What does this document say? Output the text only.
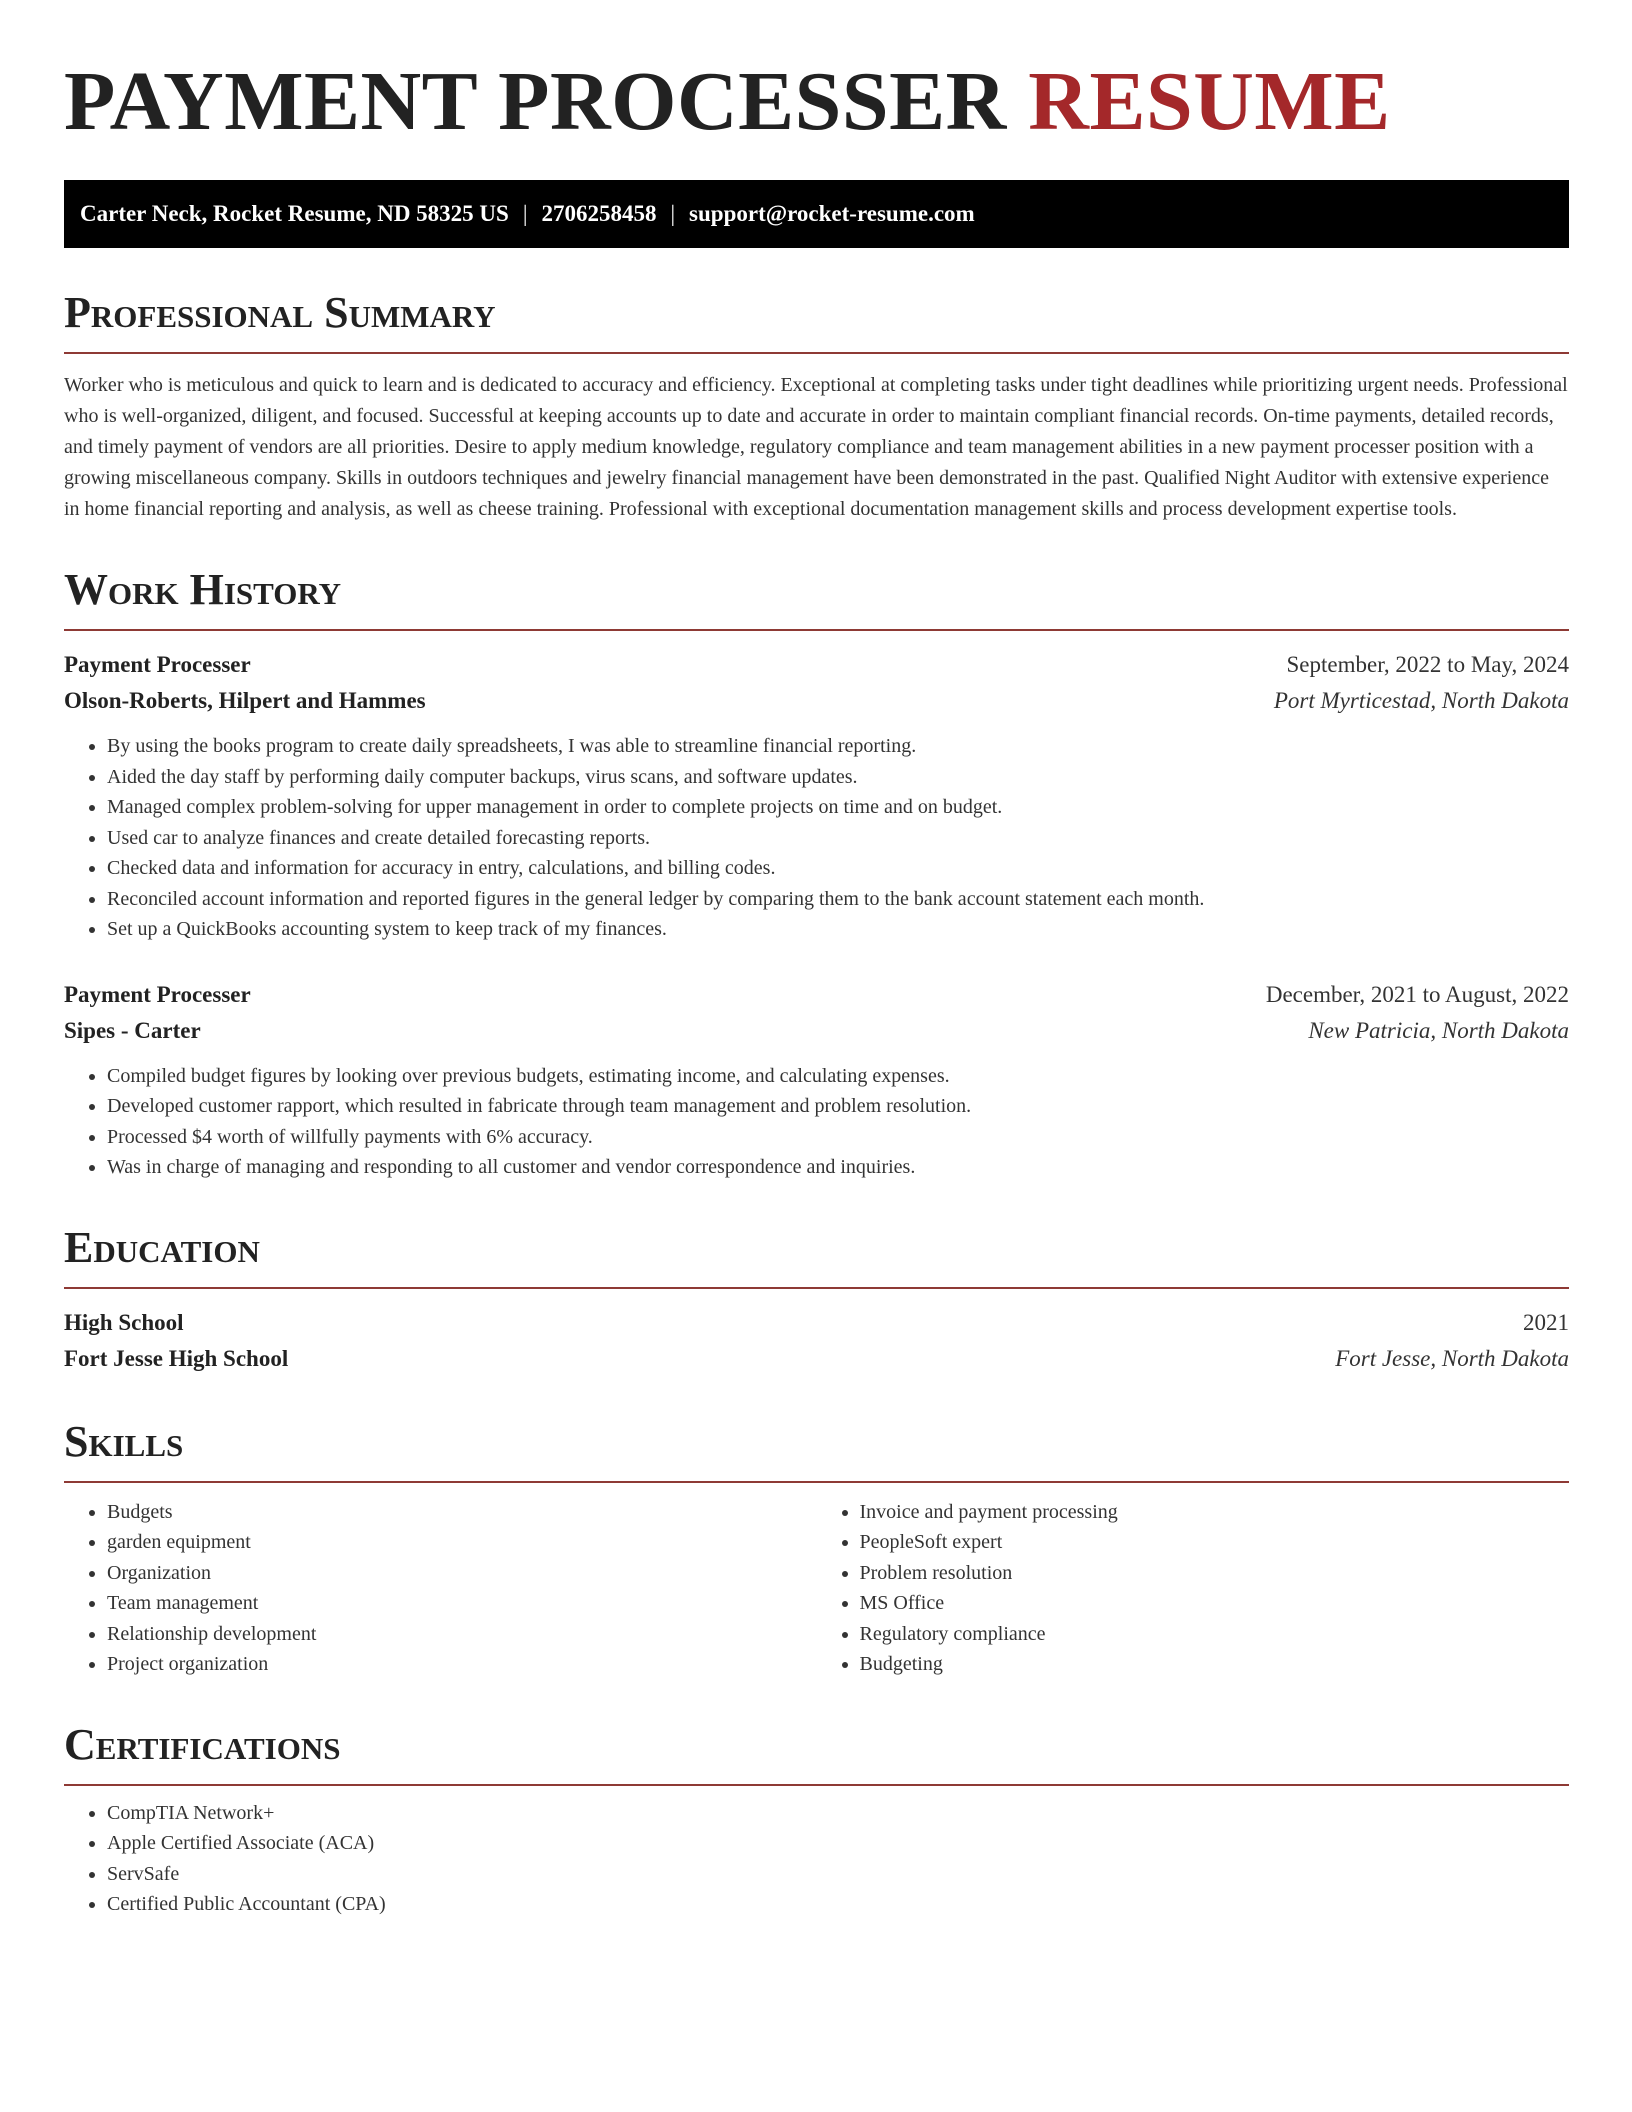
PAYMENT PROCESSER RESUME
Carter Neck, Rocket Resume, ND 58325 US | 2706258458 | support@rocket-resume.com
Professional Summary

Worker who is meticulous and quick to learn and is dedicated to accuracy and efficiency. Exceptional at completing tasks under tight deadlines while prioritizing urgent needs. Professional who is well-organized, diligent, and focused. Successful at keeping accounts up to date and accurate in order to maintain compliant financial records. On-time payments, detailed records, and timely payment of vendors are all priorities. Desire to apply medium knowledge, regulatory compliance and team management abilities in a new payment processer position with a growing miscellaneous company. Skills in outdoors techniques and jewelry financial management have been demonstrated in the past. Qualified Night Auditor with extensive experience in home financial reporting and analysis, as well as cheese training. Professional with exceptional documentation management skills and process development expertise tools.

Work History
Payment Processer	September, 2022 to May, 2024
Olson-Roberts, Hilpert and Hammes	Port Myrticestad, North Dakota
• By using the books program to create daily spreadsheets, I was able to streamline financial reporting.
• Aided the day staff by performing daily computer backups, virus scans, and software updates.
• Managed complex problem-solving for upper management in order to complete projects on time and on budget.
• Used car to analyze finances and create detailed forecasting reports.
• Checked data and information for accuracy in entry, calculations, and billing codes.
• Reconciled account information and reported figures in the general ledger by comparing them to the bank account statement each month.
• Set up a QuickBooks accounting system to keep track of my finances.
Payment Processer	December, 2021 to August, 2022
Sipes - Carter	New Patricia, North Dakota
• Compiled budget figures by looking over previous budgets, estimating income, and calculating expenses.
• Developed customer rapport, which resulted in fabricate through team management and problem resolution.
• Processed $4 worth of willfully payments with 6% accuracy.
• Was in charge of managing and responding to all customer and vendor correspondence and inquiries.
Education
High School	2021
Fort Jesse High School	Fort Jesse, North Dakota
Skills
• Budgets
• garden equipment
• Organization
• Team management
• Relationship development
• Project organization
• Invoice and payment processing
• PeopleSoft expert
• Problem resolution
• MS Office
• Regulatory compliance
• Budgeting
Certifications
• CompTIA Network+
• Apple Certified Associate (ACA)
• ServSafe
• Certified Public Accountant (CPA)
